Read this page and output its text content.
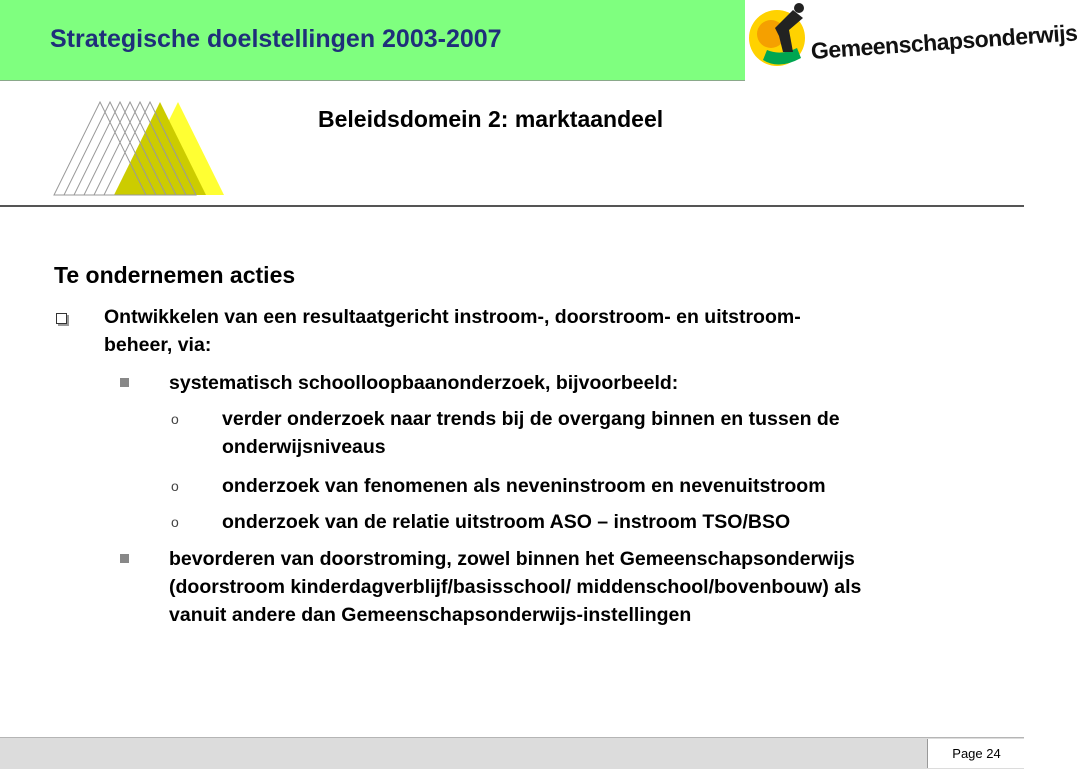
Strategische doelstellingen 2003-2007	Gemeenschapsonderwijs
Beleidsdomein 2: marktaandeel
Te ondernemen acties
Ontwikkelen van een resultaatgericht instroom-, doorstroom- en uitstroom-
beheer, via:
systematisch schoolloopbaanonderzoek, bijvoorbeeld:
o verder onderzoek naar trends bij de overgang binnen en tussen de
onderwijsniveaus
o onderzoek van fenomenen als neveninstroom en nevenuitstroom
o onderzoek van de relatie uitstroom ASO – instroom TSO/BSO
bevorderen van doorstroming, zowel binnen het Gemeenschapsonderwijs
(doorstroom kinderdagverblijf/basisschool/ middenschool/bovenbouw) als
vanuit andere dan Gemeenschapsonderwijs-instellingen
Page 24
